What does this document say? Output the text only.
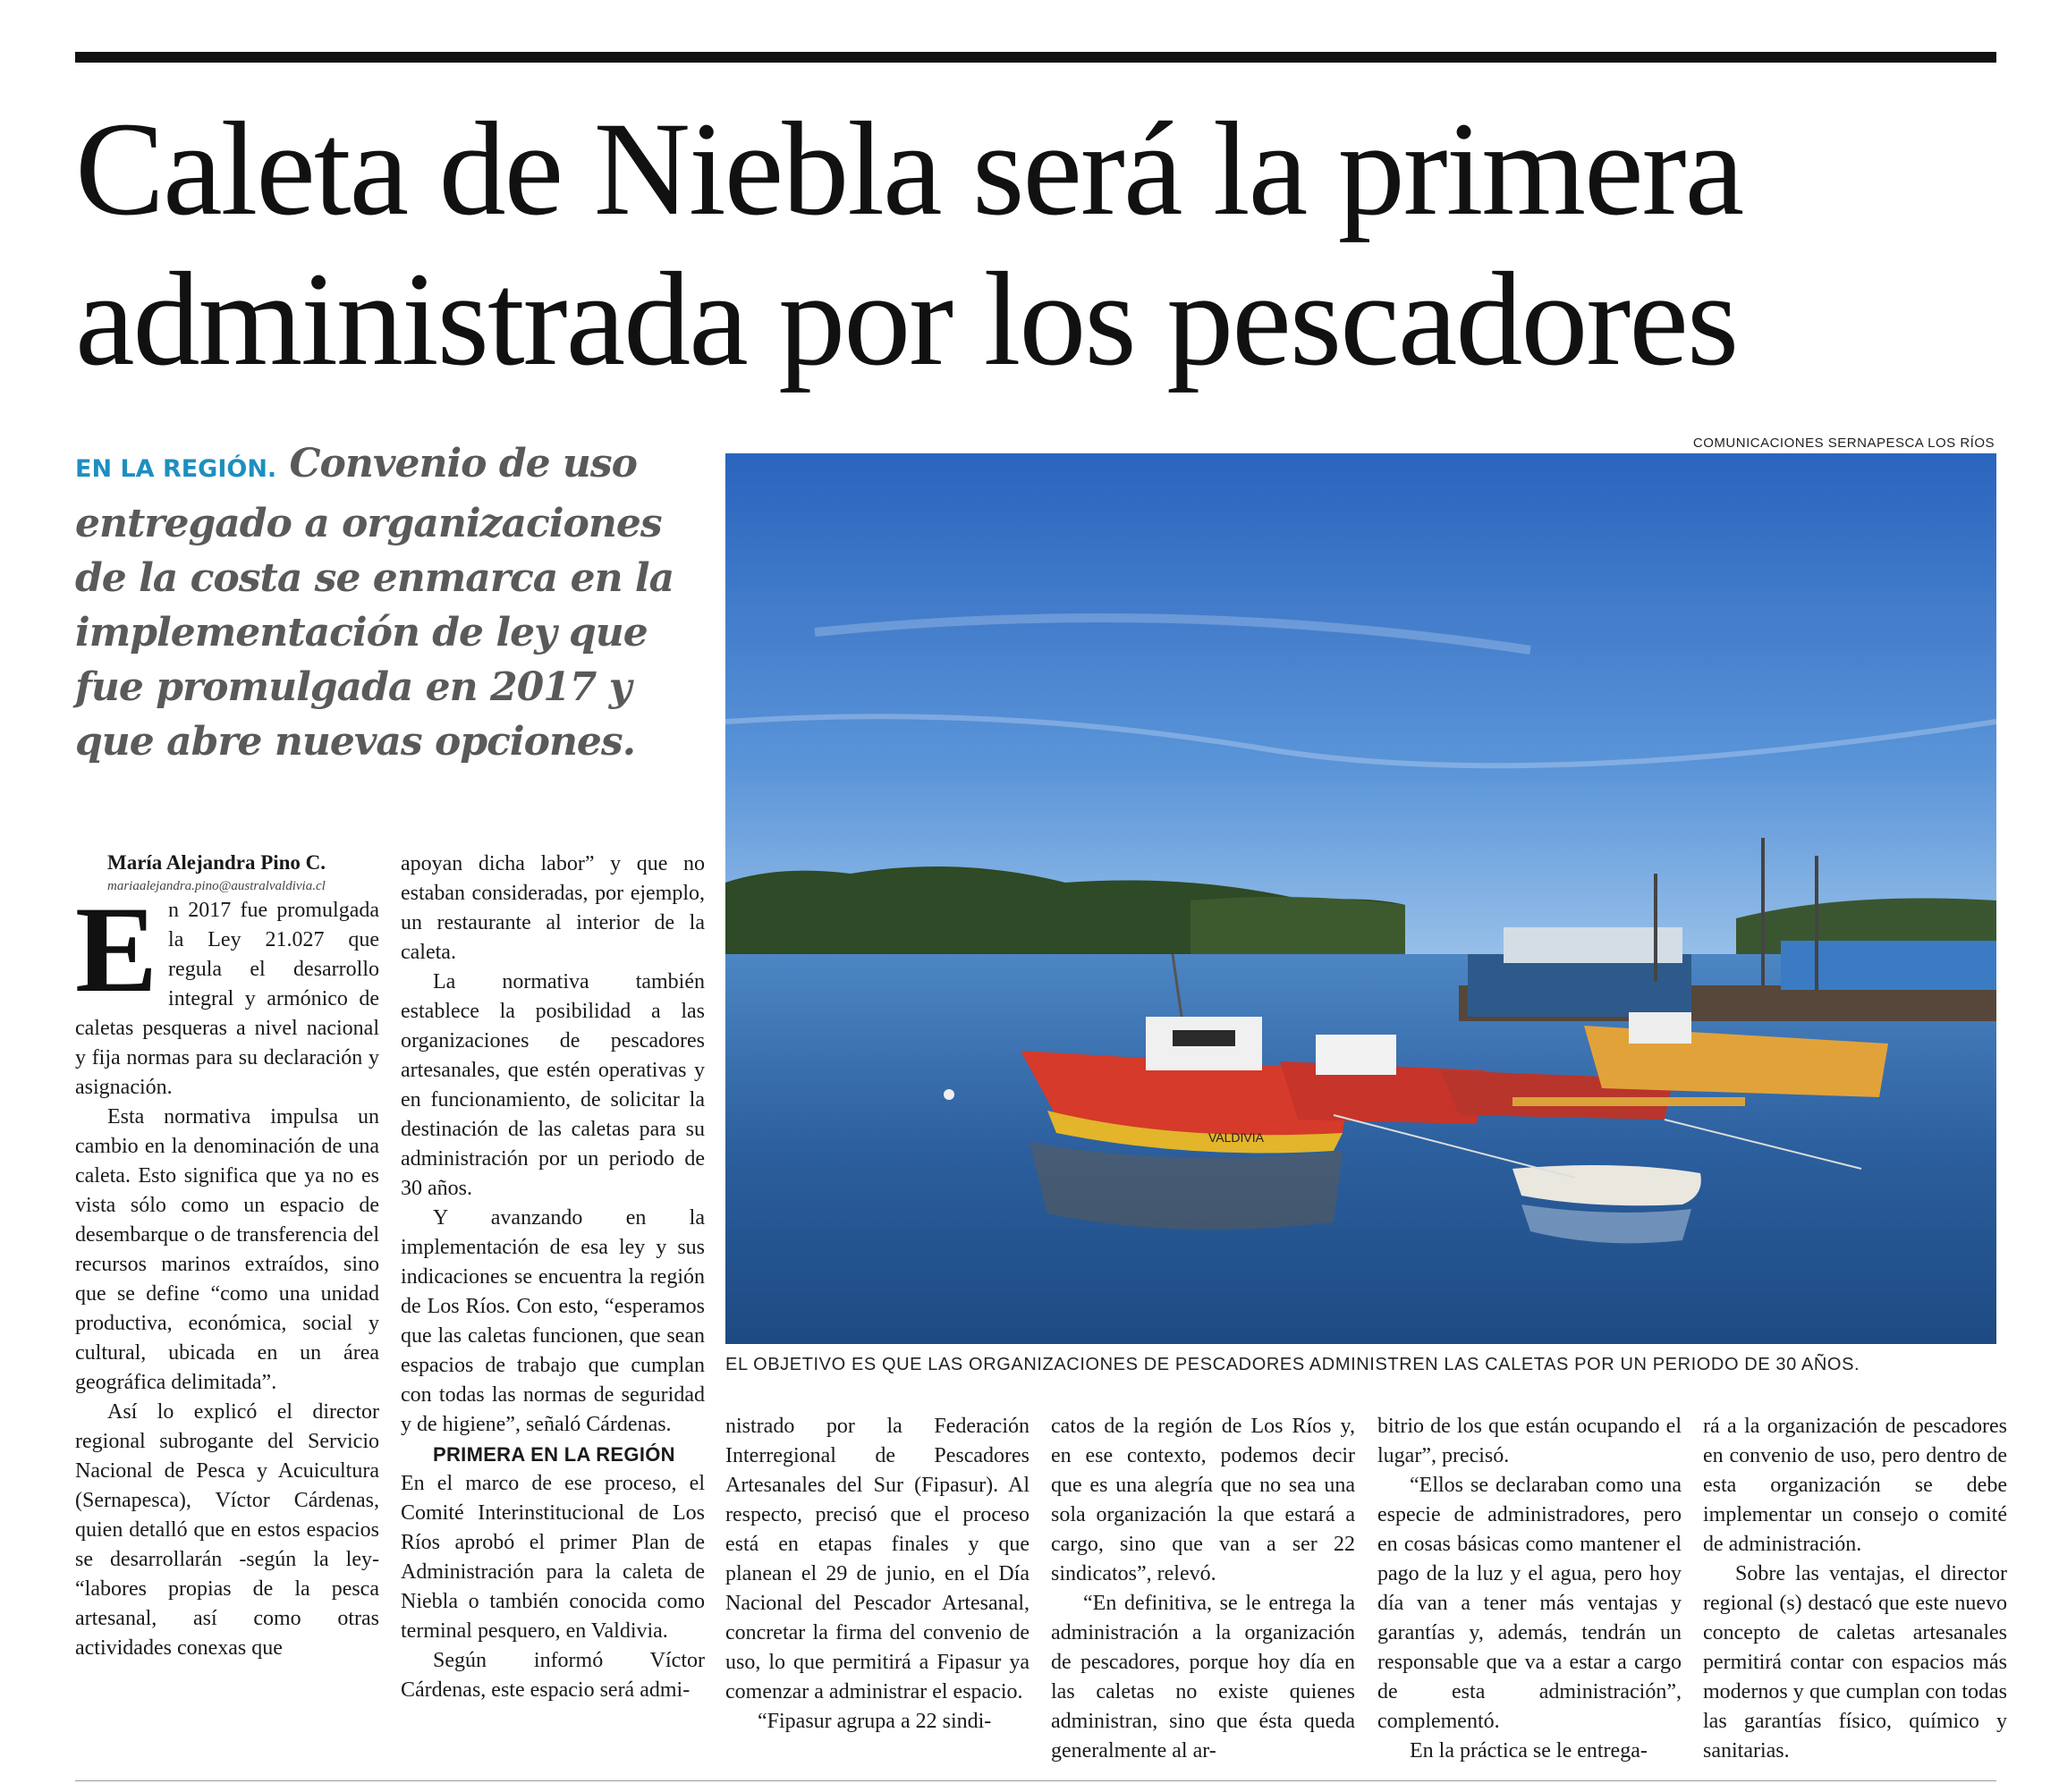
Caleta de Niebla será la primera
administrada por los pescadores

EN LA REGIÓN. Convenio de uso entregado a organizaciones de la costa se enmarca en la implementación de ley que fue promulgada en 2017 y que abre nuevas opciones.

COMUNICACIONES SERNAPESCA LOS RÍOS
VALDIVIA
EL OBJETIVO ES QUE LAS ORGANIZACIONES DE PESCADORES ADMINISTREN LAS CALETAS POR UN PERIODO DE 30 AÑOS.

María Alejandra Pino C.

mariaalejandra.pino@australvaldivia.cl

En 2017 fue promulgada la Ley 21.027 que regula el desarrollo integral y armónico de caletas pesqueras a nivel nacional y fija normas para su declaración y asignación.

Esta normativa impulsa un cambio en la denominación de una caleta. Esto significa que ya no es vista sólo como un espacio de desembarque o de transferencia del recursos marinos extraídos, sino que se define “como una unidad productiva, económica, social y cultural, ubicada en un área geográfica delimitada”.

Así lo explicó el director regional subrogante del Servicio Nacional de Pesca y Acuicultura (Sernapesca), Víctor Cárdenas, quien detalló que en estos espacios se desarrollarán -según la ley- “labores propias de la pesca artesanal, así como otras actividades conexas que

apoyan dicha labor” y que no estaban consideradas, por ejemplo, un restaurante al interior de la caleta.

La normativa también establece la posibilidad a las organizaciones de pescadores artesanales, que estén operativas y en funcionamiento, de solicitar la destinación de las caletas para su administración por un periodo de 30 años.

Y avanzando en la implementación de esa ley y sus indicaciones se encuentra la región de Los Ríos. Con esto, “esperamos que las caletas funcionen, que sean espacios de trabajo que cumplan con todas las normas de seguridad y de higiene”, señaló Cárdenas.

PRIMERA EN LA REGIÓN

En el marco de ese proceso, el Comité Interinstitucional de Los Ríos aprobó el primer Plan de Administración para la caleta de Niebla o también conocida como terminal pesquero, en Valdivia.

Según informó Víctor Cárdenas, este espacio será admi-

nistrado por la Federación Interregional de Pescadores Artesanales del Sur (Fipasur). Al respecto, precisó que el proceso está en etapas finales y que planean el 29 de junio, en el Día Nacional del Pescador Artesanal, concretar la firma del convenio de uso, lo que permitirá a Fipasur ya comenzar a administrar el espacio.

“Fipasur agrupa a 22 sindi-

catos de la región de Los Ríos y, en ese contexto, podemos decir que es una alegría que no sea una sola organización la que estará a cargo, sino que van a ser 22 sindicatos”, relevó.

“En definitiva, se le entrega la administración a la organización de pescadores, porque hoy día en las caletas no existe quienes administran, sino que ésta queda generalmente al ar-

bitrio de los que están ocupando el lugar”, precisó.

“Ellos se declaraban como una especie de administradores, pero en cosas básicas como mantener el pago de la luz y el agua, pero hoy día van a tener más ventajas y garantías y, además, tendrán un responsable que va a estar a cargo de esta administración”, complementó.

En la práctica se le entrega-

rá a la organización de pescadores en convenio de uso, pero dentro de esta organización se debe implementar un consejo o comité de administración.

Sobre las ventajas, el director regional (s) destacó que este nuevo concepto de caletas artesanales permitirá contar con espacios más modernos y que cumplan con todas las garantías físico, químico y sanitarias.
